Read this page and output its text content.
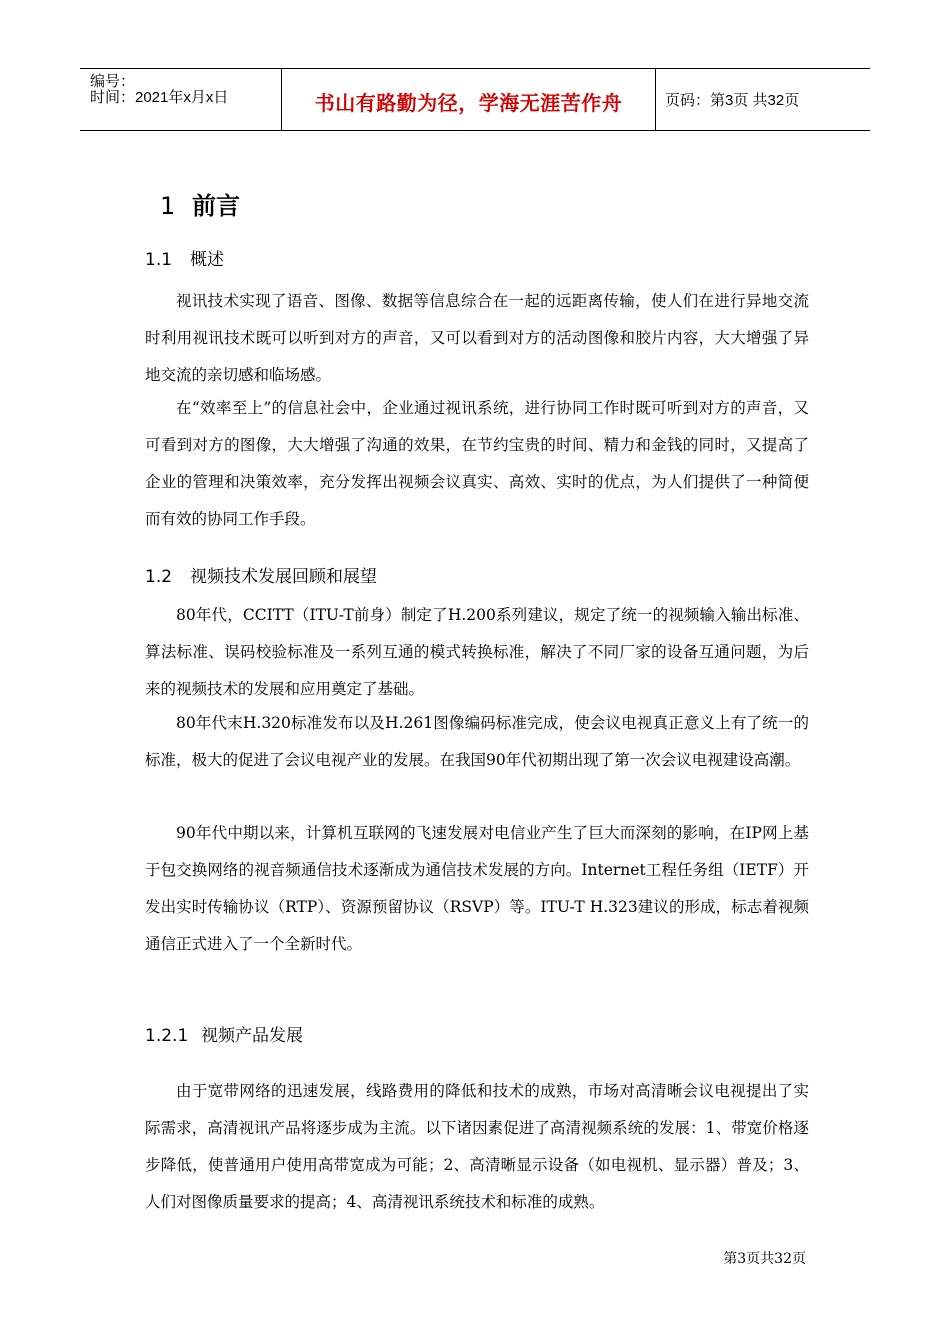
编号：
时间：2021年x月x日	书山有路勤为径，学海无涯苦作舟	页码：第3页 共32页
1 前言
1.1 概述

视讯技术实现了语音、图像、数据等信息综合在一起的远距离传输，使人们在进行异地交流时利用视讯技术既可以听到对方的声音，又可以看到对方的活动图像和胶片内容，大大增强了异地交流的亲切感和临场感。

在“效率至上”的信息社会中，企业通过视讯系统，进行协同工作时既可听到对方的声音，又可看到对方的图像，大大增强了沟通的效果，在节约宝贵的时间、精力和金钱的同时，又提高了企业的管理和决策效率，充分发挥出视频会议真实、高效、实时的优点，为人们提供了一种简便而有效的协同工作手段。

1.2 视频技术发展回顾和展望

80年代，CCITT（ITU-T前身）制定了H.200系列建议，规定了统一的视频输入输出标准、算法标准、误码校验标准及一系列互通的模式转换标准，解决了不同厂家的设备互通问题，为后来的视频技术的发展和应用奠定了基础。

80年代末H.320标准发布以及H.261图像编码标准完成，使会议电视真正意义上有了统一的标准，极大的促进了会议电视产业的发展。在我国90年代初期出现了第一次会议电视建设高潮。

90年代中期以来，计算机互联网的飞速发展对电信业产生了巨大而深刻的影响，在IP网上基于包交换网络的视音频通信技术逐渐成为通信技术发展的方向。Internet工程任务组（IETF）开发出实时传输协议（RTP）、资源预留协议（RSVP）等。ITU-T H.323建议的形成，标志着视频通信正式进入了一个全新时代。

1.2.1 视频产品发展

由于宽带网络的迅速发展，线路费用的降低和技术的成熟，市场对高清晰会议电视提出了实际需求，高清视讯产品将逐步成为主流。以下诸因素促进了高清视频系统的发展：1、带宽价格逐步降低，使普通用户使用高带宽成为可能；2、高清晰显示设备（如电视机、显示器）普及；3、人们对图像质量要求的提高；4、高清视讯系统技术和标准的成熟。

第3页共32页
